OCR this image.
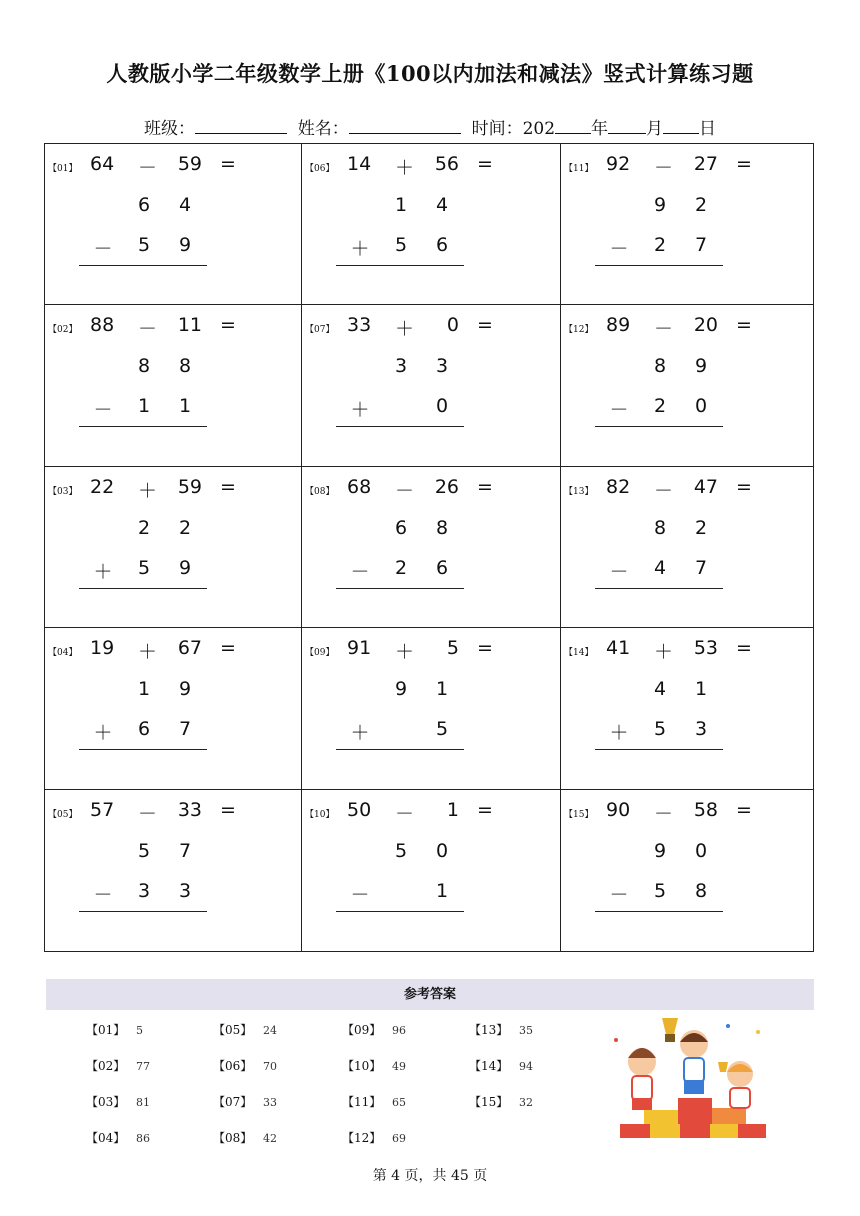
人教版小学二年级数学上册《100以内加法和减法》竖式计算练习题
班级：	姓名：	时间：202 年 月 日
【01】 64 －	59 =
6 4
－ 5 9
【06】 14 ＋	56 =
1 4
＋ 5 6
【11】 92 －	27 =
9 2
－ 2 7
【02】 88 －	11 =
8 8
－ 1 1
【07】 33 ＋	0 =
3 3
＋	0
【12】 89 －	20 =
8 9
－ 2 0
【03】 22 ＋	59 =
2 2
＋ 5 9
【08】 68 －	26 =
6 8
－ 2 6
【13】 82 －	47 =
8 2
－ 4 7
【04】 19 ＋	67 =
1 9
＋ 6 7
【09】 91 ＋	5 =
9 1
＋	5
【14】 41 ＋	53 =
4 1
＋ 5 3
【05】 57 －	33 =
5 7
－ 3 3
【10】 50 －	1 =
5 0
－	1
【15】 90 －	58 =
9 0
－ 5 8
参考答案
【01】 5
【02】 77
【03】 81
【04】 86
【05】 24
【06】 70
【07】 33
【08】 42
【09】 96
【10】 49
【11】 65
【12】 69
【13】 35
【14】 94
【15】 32
第 4 页，共 45 页
